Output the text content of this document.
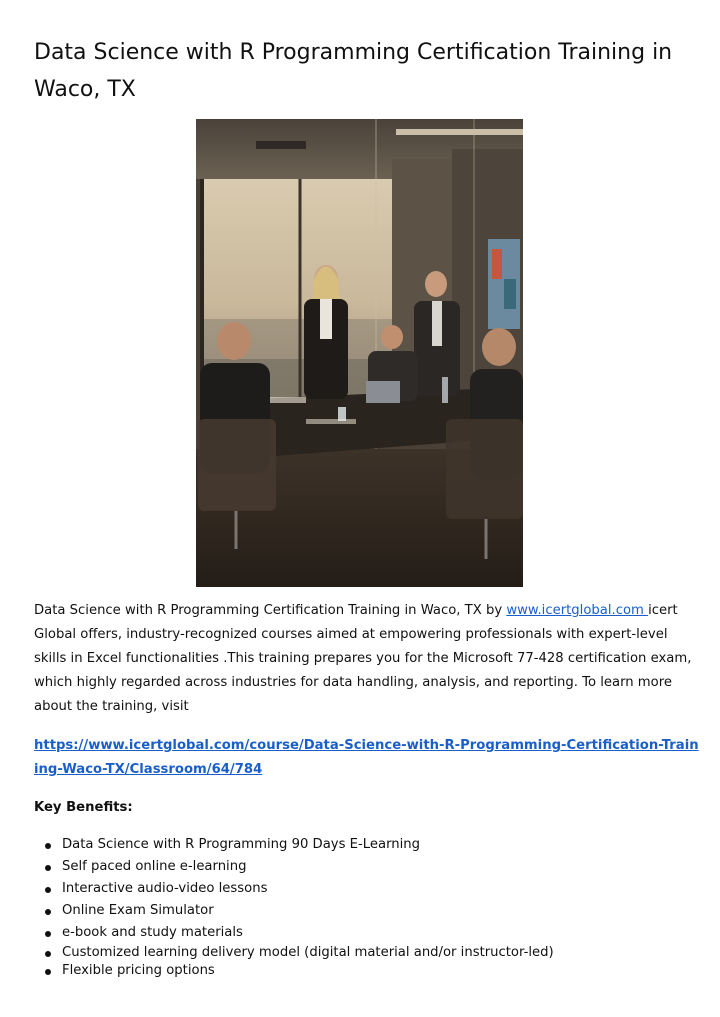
Data Science with R Programming Certification Training in Waco, TX

Data Science with R Programming Certification Training in Waco, TX by www.icertglobal.com icert Global offers, industry-recognized courses aimed at empowering professionals with expert-level skills in Excel functionalities .This training prepares you for the Microsoft 77-428 certification exam, which highly regarded across industries for data handling, analysis, and reporting. To learn more about the training, visit

https://www.icertglobal.com/course/Data-Science-with-R-Programming-Certification-Training-Waco-TX/Classroom/64/784

Key Benefits:

Data Science with R Programming 90 Days E-Learning
Self paced online e-learning
Interactive audio-video lessons
Online Exam Simulator
e-book and study materials
Customized learning delivery model (digital material and/or instructor-led)
Flexible pricing options
